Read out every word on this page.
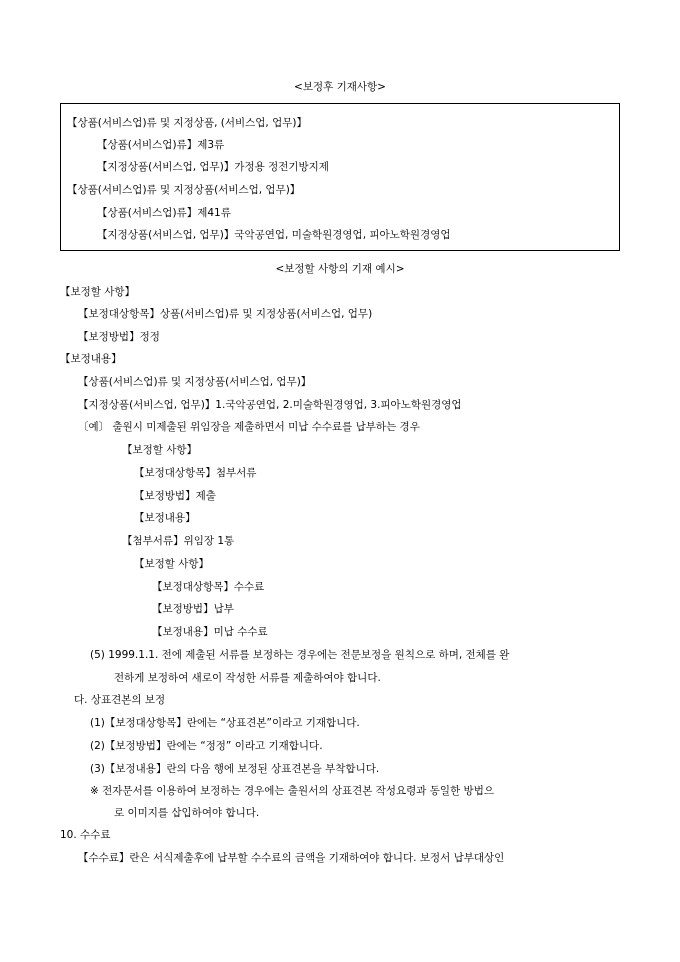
<보정후 기재사항>
【상품(서비스업)류 및 지정상품, (서비스업, 업무)】
【상품(서비스업)류】제3류
【지정상품(서비스업, 업무)】가정용 정전기방지제
【상품(서비스업)류 및 지정상품(서비스업, 업무)】
【상품(서비스업)류】제41류
【지정상품(서비스업, 업무)】국악공연업, 미술학원경영업, 피아노학원경영업
<보정할 사항의 기재 예시>
【보정할 사항】
【보정대상항목】상품(서비스업)류 및 지정상품(서비스업, 업무)
【보정방법】정정
【보정내용】
【상품(서비스업)류 및 지정상품(서비스업, 업무)】
【지정상품(서비스업, 업무)】1.국악공연업, 2.미술학원경영업, 3.피아노학원경영업
〔예〕 출원시 미제출된 위임장을 제출하면서 미납 수수료를 납부하는 경우
【보정할 사항】
【보정대상항목】첨부서류
【보정방법】제출
【보정내용】
【첨부서류】위임장 1통
【보정할 사항】
【보정대상항목】수수료
【보정방법】납부
【보정내용】미납 수수료
(5) 1999.1.1. 전에 제출된 서류를 보정하는 경우에는 전문보정을 원칙으로 하며, 전체를 완
전하게 보정하여 새로이 작성한 서류를 제출하여야 합니다.
다. 상표견본의 보정
(1)【보정대상항목】란에는 “상표견본”이라고 기재합니다.
(2)【보정방법】란에는 “정정” 이라고 기재합니다.
(3)【보정내용】란의 다음 행에 보정된 상표견본을 부착합니다.
※ 전자문서를 이용하여 보정하는 경우에는 출원서의 상표견본 작성요령과 동일한 방법으
로 이미지를 삽입하여야 합니다.
10. 수수료
【수수료】란은 서식제출후에 납부할 수수료의 금액을 기재하여야 합니다. 보정서 납부대상인
